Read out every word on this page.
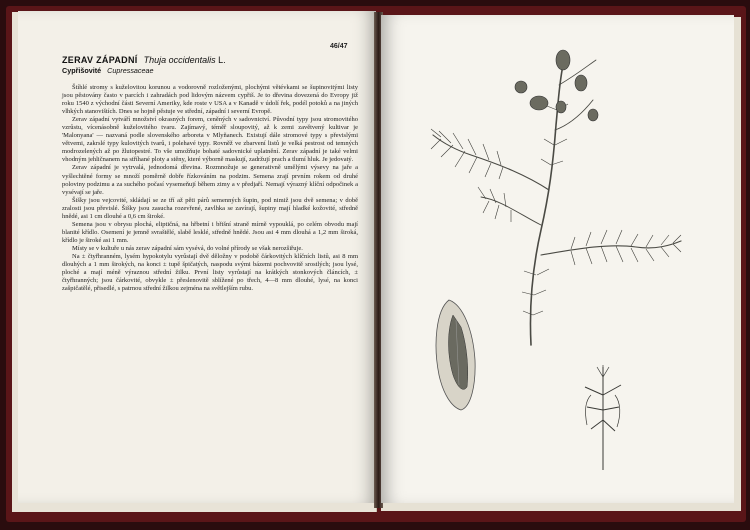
46/47
ZERAV ZÁPADNÍ Thuja occidentalis L.
Cypřišovité Cupressaceae

Štíhlé stromy s kuželovitou korunou a vodorovně rozloženými, plochými větévkami se šupinovitými listy jsou pěstovány často v parcích i zahradách pod lidovým názvem cypřiš. Je to dřevina dovezená do Evropy již roku 1540 z východní části Severní Ameriky, kde roste v USA a v Kanadě v údolí řek, podél potoků a na jiných vlhkých stanovištích. Dnes se hojně pěstuje ve střední, západní i severní Evropě.

Zerav západní vytváří množství okrasných forem, ceněných v sadovnictví. Původní typy jsou stromovitého vzrůstu, vícenásobně kuželovitého tvaru. Zajímavý, téměř sloupovitý, až k zemi zavětvený kultivar je 'Malonyana' — nazvaná podle slovenského arboreta v Mlyňanech. Existují dále stromové typy s převislými větvemi, zakrslé typy kulovitých tvarů, i polehavé typy. Rovněž ve zbarvení listů je velká pestrost od temných modrozelených až po žlutopestré. To vše umožňuje bohaté sadovnické uplatnění. Zerav západní je také velmi vhodným jehličnanem na stříhané ploty a stěny, které výborně maskují, zadržují prach a tlumí hluk. Je jedovatý.

Zerav západní je vytrvalá, jednodomá dřevina. Rozmnožuje se generativně umělými výsevy na jaře a vyšlechtěné formy se množí poměrně dobře řízkováním na podzim. Semena zrají prvním rokem od druhé poloviny podzimu a za suchého počasí vysemeňují během zimy a v předjaří. Nemají výrazný klíční odpočinek a vysévají se jaře.

Šišky jsou vejcovité, skládají se ze tří až pěti párů semenných šupin, pod nimiž jsou dvě semena; v době zralosti jsou převislé. Šišky jsou zasucha rozevřené, zavlhka se zavírají, šupiny mají hladké kožovité, středně hnědé, asi 1 cm dlouhé a 0,6 cm široké.

Semena jsou v obrysu plochá, eliptičná, na hřbetní i břišní straně mírně vypouklá, po celém obvodu mají blanité křídlo. Osemení je jemně svraštělé, slabě lesklé, středně hnědé. Jsou asi 4 mm dlouhá a 1,2 mm široká, křídlo je široké asi 1 mm.

Místy se v kultuře u nás zerav západní sám vysévá, do volné přírody se však nerozšiřuje.

Na ± čtyřhranném, lysém hypokotylu vyrůstají dvě děložny v podobě čárkovitých klíčních listů, asi 8 mm dlouhých a 1 mm širokých, na konci ± tupě špičatých, naspodu svými bázemi pochvovitě srostlých; jsou lysé, ploché a mají méně výraznou střední žilku. První listy vyrůstají na krátkých stonkových článcích, ± čtyřhranných; jsou čárkovité, obvykle ± přeslenovitě sblížené po třech, 4—8 mm dlouhé, lysé, na konci zašpičatělé, přisedlé, s patrnou střední žilkou zejména na světlejším rubu.
